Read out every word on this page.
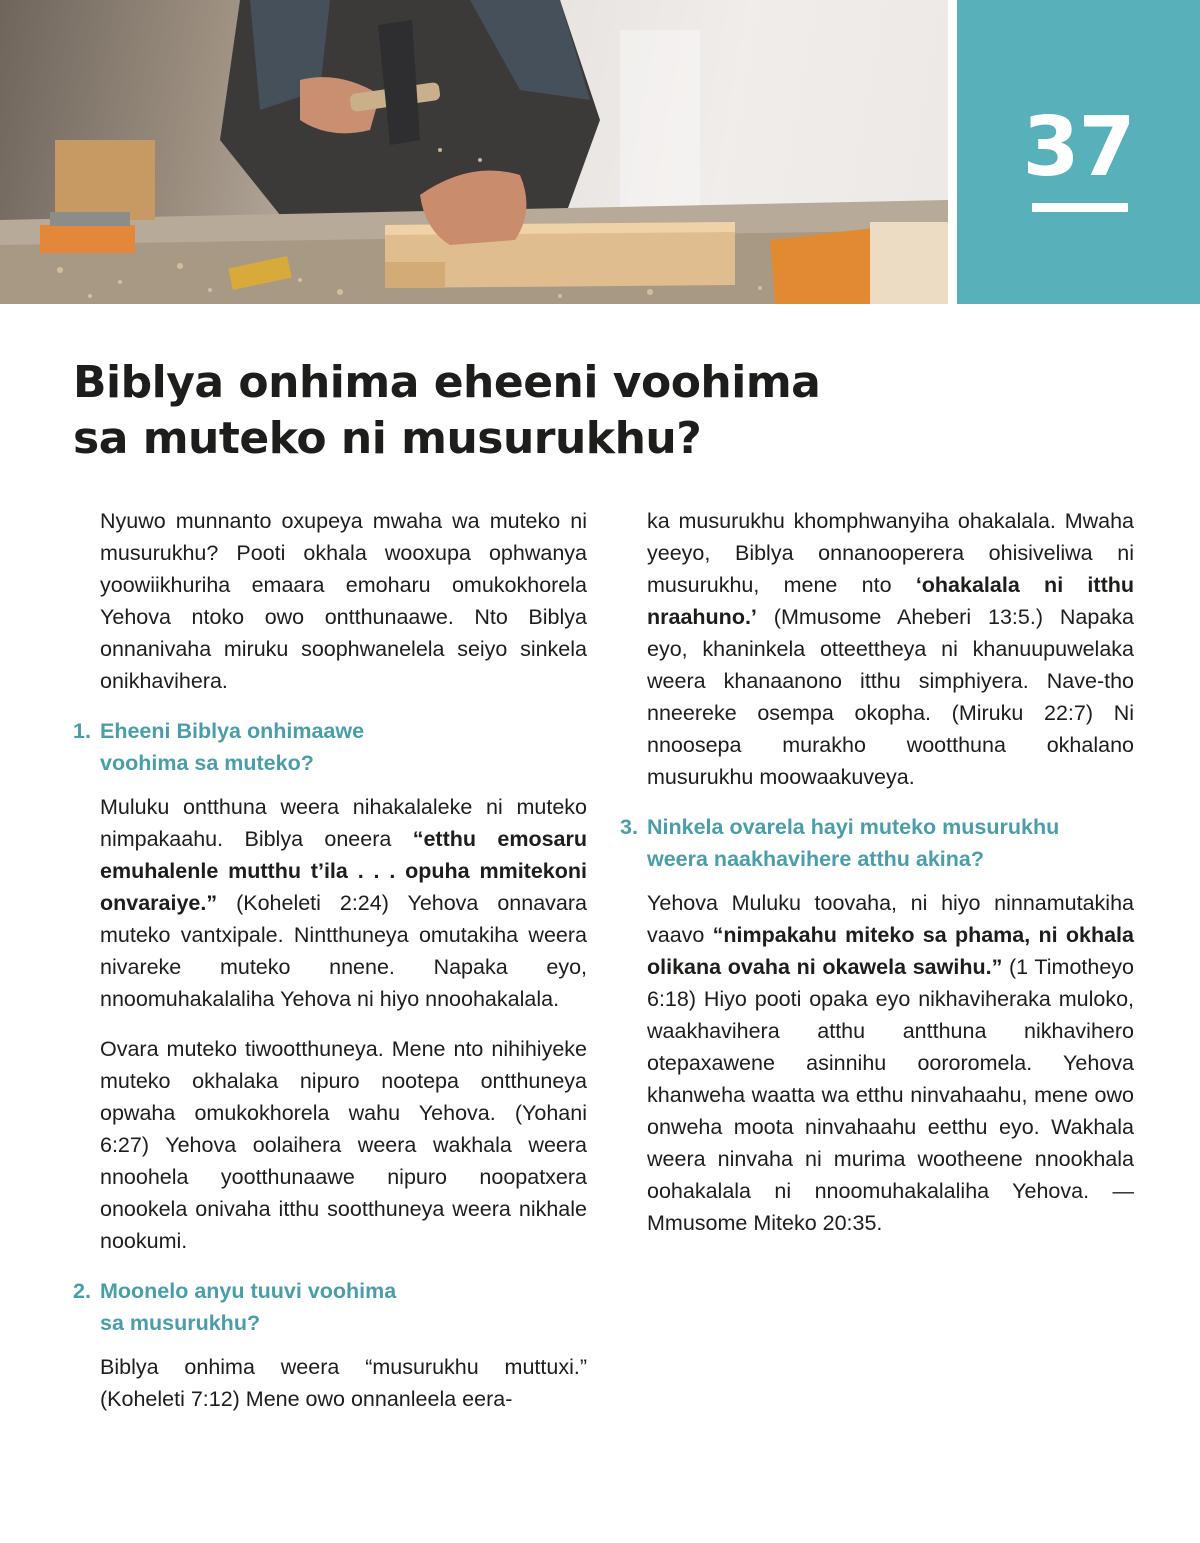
37
Biblya onhima eheeni voohima
sa muteko ni musurukhu?

Nyuwo munnanto oxupeya mwaha wa muteko ni musurukhu? Pooti okhala wooxupa ophwanya yoowiikhuriha emaara emoharu omukokhorela Yehova ntoko owo ontthunaawe. Nto Biblya onnanivaha miruku soophwanelela seiyo sinkela onikhavihera.

1. Eheeni Biblya onhimaawe
voohima sa muteko?

Muluku ontthuna weera nihakalaleke ni muteko nimpakaahu. Biblya oneera “etthu emosaru emuhalenle mutthu t’ila . . . opuha mmitekoni onvaraiye.” (Koheleti 2:24) Yehova onnavara muteko vantxipale. Nintthuneya omutakiha weera nivareke muteko nnene. Napaka eyo, nnoomuhakalaliha Yehova ni hiyo nnoohakalala.

Ovara muteko tiwootthuneya. Mene nto nihihiyeke muteko okhalaka nipuro nootepa ontthuneya opwaha omukokhorela wahu Yehova. (Yohani 6:27) Yehova oolaihera weera wakhala weera nnoohela yootthunaawe nipuro noopatxera onookela onivaha itthu sootthuneya weera nikhale nookumi.

2. Moonelo anyu tuuvi voohima
sa musurukhu?

Biblya onhima weera “musurukhu muttuxi.” (Koheleti 7:12) Mene owo onnanleela eera-

ka musurukhu khomphwanyiha ohakalala. Mwaha yeeyo, Biblya onnanooperera ohisiveliwa ni musurukhu, mene nto ‘ohakalala ni itthu nraahuno.’ (Mmusome Aheberi 13:5.) Napaka eyo, khaninkela otteettheya ni khanuupuwelaka weera khanaanono itthu simphiyera. Nave-tho nneereke osempa okopha. (Miruku 22:7) Ni nnoosepa murakho wootthuna okhalano musurukhu moowaakuveya.

3. Ninkela ovarela hayi muteko musurukhu
weera naakhavihere atthu akina?

Yehova Muluku toovaha, ni hiyo ninnamutakiha vaavo “nimpakahu miteko sa phama, ni okhala olikana ovaha ni okawela sawihu.” (1 Timotheyo 6:18) Hiyo pooti opaka eyo nikhaviheraka muloko, waakhavihera atthu antthuna nikhavihero otepaxawene asinnihu oororomela. Yehova khanweha waatta wa etthu ninvahaahu, mene owo onweha moota ninvahaahu eetthu eyo. Wakhala weera ninvaha ni murima wootheene nnookhala oohakalala ni nnoomuhakalaliha Yehova. — Mmusome Miteko 20:35.
